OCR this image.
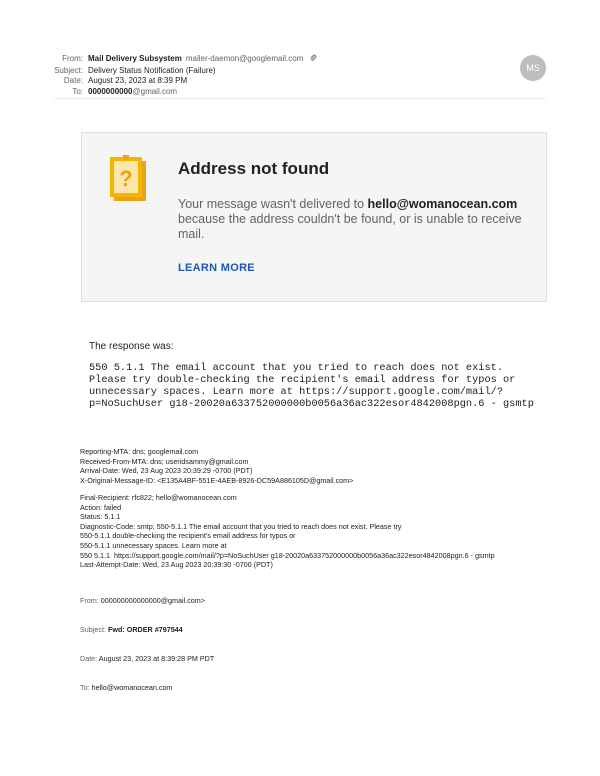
From: Mail Delivery Subsystem mailer-daemon@googlemail.com
Subject: Delivery Status Notification (Failure)
Date: August 23, 2023 at 8:39 PM
To: 0000000000 @gmail.com
MS
?	Address not found
Your message wasn't delivered to hello@womanocean.com because the address couldn't be found, or is unable to receive mail.
LEARN MORE
The response was:
550 5.1.1 The email account that you tried to reach does not exist.
Please try double-checking the recipient's email address for typos or
unnecessary spaces. Learn more at https://support.google.com/mail/?
p=NoSuchUser g18-20020a633752000000b0056a36ac322esor4842008pgn.6 - gsmtp
Reporting-MTA: dns; googlemail.com
Received-From-MTA: dns; useridsammy@gmail.com
Arrival-Date: Wed, 23 Aug 2023 20:39:29 -0700 (PDT)
X-Original-Message-ID: <E135A4BF-551E-4AEB-8926-DC59A886105D@gmail.com>
Final-Recipient: rfc822; hello@womanocean.com
Action: failed
Status: 5.1.1
Diagnostic-Code: smtp; 550-5.1.1 The email account that you tried to reach does not exist. Please try
550-5.1.1 double-checking the recipient's email address for typos or
550-5.1.1 unnecessary spaces. Learn more at
550 5.1.1  https://support.google.com/mail/?p=NoSuchUser g18-20020a633752000000b0056a36ac322esor4842008pgn.6 - gsmtp
Last-Attempt-Date: Wed, 23 Aug 2023 20:39:30 -0700 (PDT)

From: 000000000000000@gmail.com>

Subject: Fwd: ORDER #797544

Date: August 23, 2023 at 8:39:28 PM PDT

To: hello@womanocean.com
